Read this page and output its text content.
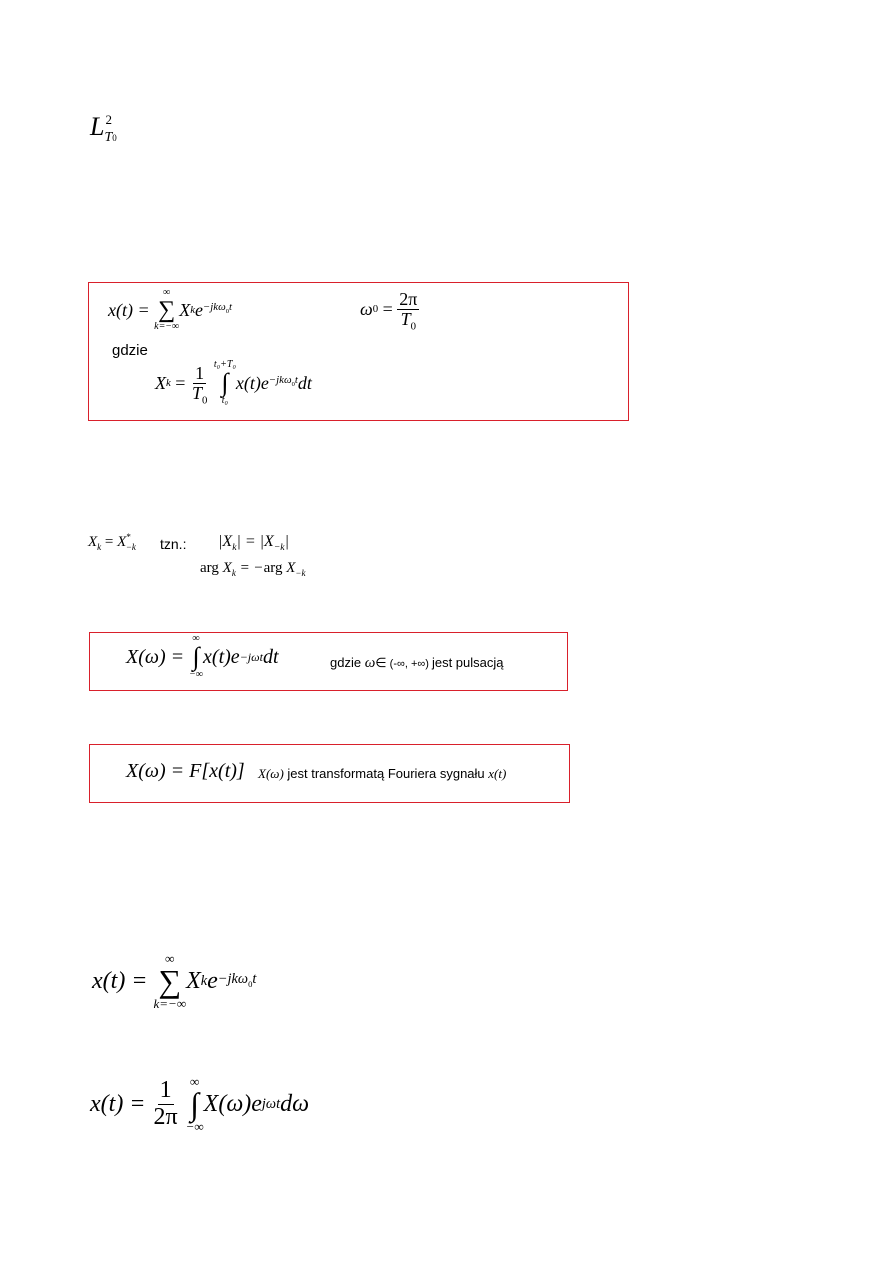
L 2
T0
x(t) =

∞
∑
k=−∞
X k e −jkω$_0$t	ω 0
=
$\frac{2\pi}{T_0}$
gdzie
X k
=
$\frac{1}{T_0}$
t₀+T₀
∫
t₀
x(t)e −jkω$_0$t dt
$X_k = X^*_{-k}$ tzn.: $|X_k| = |X_{-k}|$
arg $X_k = -arg$ $X_{-k}$
X(ω) =

∞
∫
−∞
x(t)e −jωt dt	gdzie ω∈ (-∞, +∞) jest pulsacją
X(ω) = F[x(t)] X(ω) jest transformatą Fouriera sygnału x(t)
x(t) =

∞
∑
k=−∞
X k e −jkω$_0$t
x(t) =
$\frac{1}{2\pi}$
∞
∫
−∞
X(ω)e jωt dω
